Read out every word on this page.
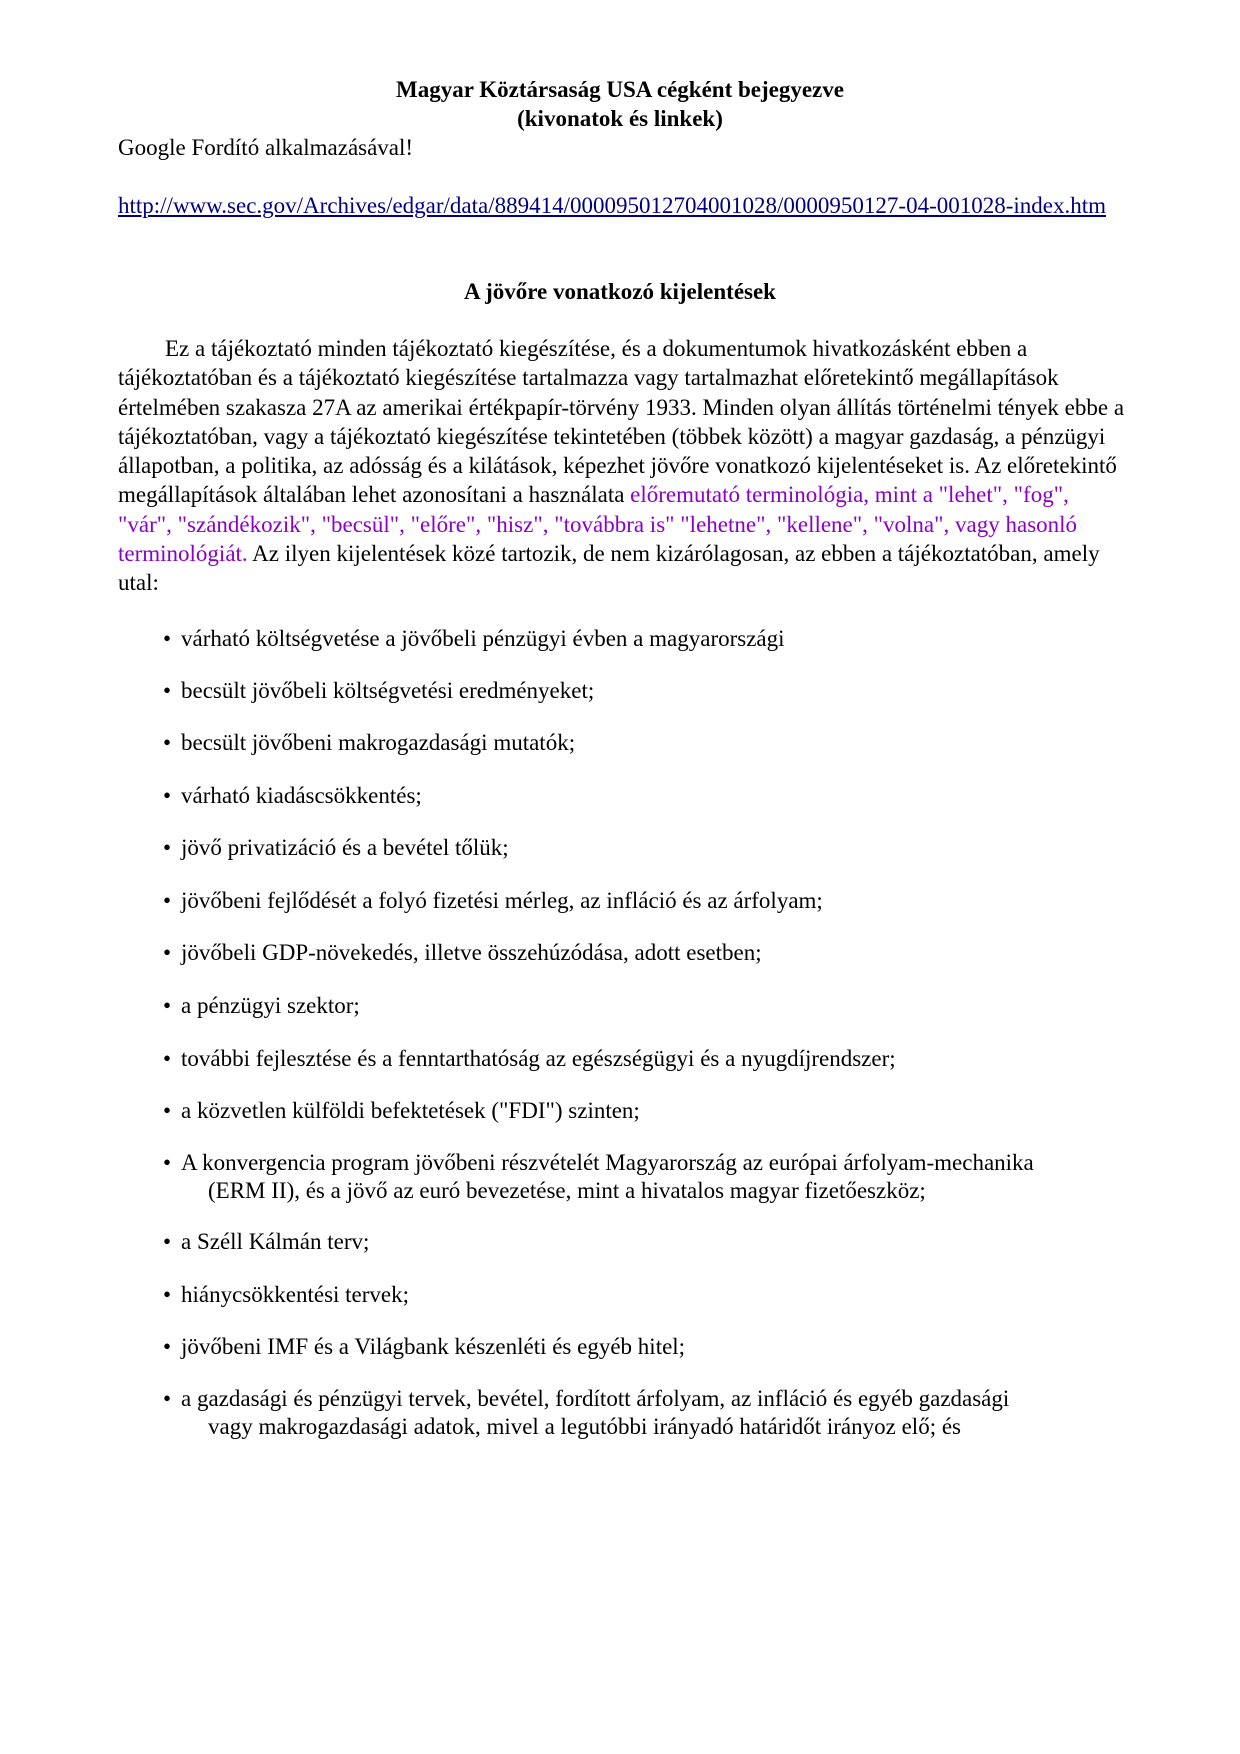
Magyar Köztársaság USA cégként bejegyezve
(kivonatok és linkek)
Google Fordító alkalmazásával!
http://www.sec.gov/Archives/edgar/data/889414/000095012704001028/0000950127-04-001028-index.htm
A jövőre vonatkozó kijelentések
Ez a tájékoztató minden tájékoztató kiegészítése, és a dokumentumok hivatkozásként ebben a tájékoztatóban és a tájékoztató kiegészítése tartalmazza vagy tartalmazhat előretekintő megállapítások értelmében szakasza 27A az amerikai értékpapír-törvény 1933. Minden olyan állítás történelmi tények ebbe a tájékoztatóban, vagy a tájékoztató kiegészítése tekintetében (többek között) a magyar gazdaság, a pénzügyi állapotban, a politika, az adósság és a kilátások, képezhet jövőre vonatkozó kijelentéseket is. Az előretekintő megállapítások általában lehet azonosítani a használata előremutató terminológia, mint a "lehet", "fog", "vár", "szándékozik", "becsül", "előre", "hisz", "továbbra is" "lehetne", "kellene", "volna", vagy hasonló terminológiát. Az ilyen kijelentések közé tartozik, de nem kizárólagosan, az ebben a tájékoztatóban, amely utal:
• várható költségvetése a jövőbeli pénzügyi évben a magyarországi
• becsült jövőbeli költségvetési eredményeket;
• becsült jövőbeni makrogazdasági mutatók;
• várható kiadáscsökkentés;
• jövő privatizáció és a bevétel tőlük;
• jövőbeni fejlődését a folyó fizetési mérleg, az infláció és az árfolyam;
• jövőbeli GDP-növekedés, illetve összehúzódása, adott esetben;
• a pénzügyi szektor;
• további fejlesztése és a fenntarthatóság az egészségügyi és a nyugdíjrendszer;
• a közvetlen külföldi befektetések ("FDI") szinten;
• A konvergencia program jövőbeni részvételét Magyarország az európai árfolyam-mechanika
(ERM II), és a jövő az euró bevezetése, mint a hivatalos magyar fizetőeszköz;
• a Széll Kálmán terv;
• hiánycsökkentési tervek;
• jövőbeni IMF és a Világbank készenléti és egyéb hitel;
• a gazdasági és pénzügyi tervek, bevétel, fordított árfolyam, az infláció és egyéb gazdasági
vagy makrogazdasági adatok, mivel a legutóbbi irányadó határidőt irányoz elő; és
